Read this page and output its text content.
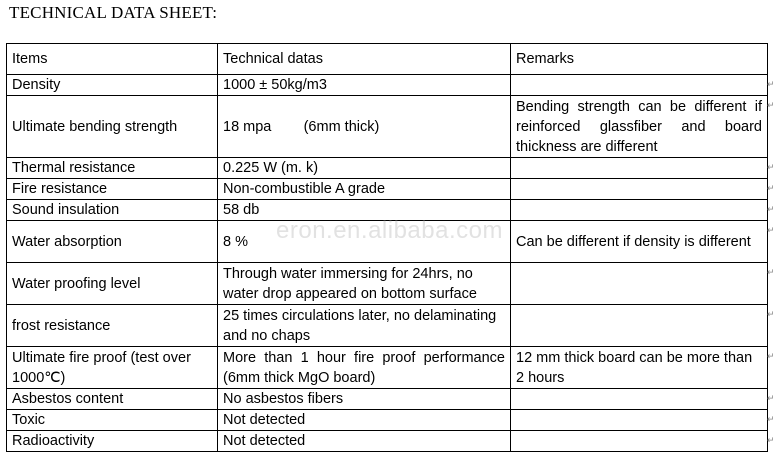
TECHNICAL DATA SHEET:
Items	Technical datas	Remarks
Density	1000 ± 50kg/m3	
Ultimate bending strength	18 mpa        (6mm thick)	Bending strength can be different if reinforced glassfiber and board thickness are different
Thermal resistance	0.225 W (m. k)	
Fire resistance	Non-combustible A grade	
Sound insulation	58 db	
Water absorption	8 %	Can be different if density is different
Water proofing level	Through water immersing for 24hrs, no water drop appeared on bottom surface	
frost resistance	25 times circulations later, no delaminating and no chaps	
Ultimate fire proof (test over 1000℃)	More than 1 hour fire proof performance (6mm thick MgO board)	12 mm thick board can be more than 2 hours
Asbestos content	No asbestos fibers	
Toxic	Not detected	
Radioactivity	Not detected	
eron.en.alibaba.com
↵
↵
↵
↵
↵
↵
↵
↵
↵
↵
↵
↵
